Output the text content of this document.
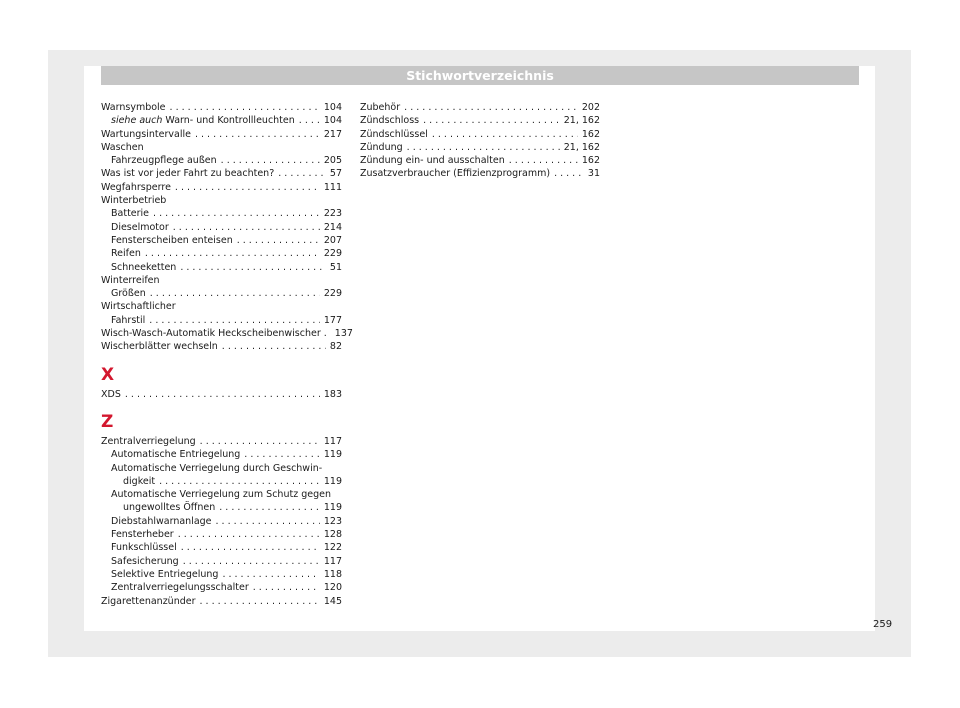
Stichwortverzeichnis
Warnsymbole . . .	104
siehe auch Warn- und Kontrollleuchten . . .	104
Wartungsintervalle . . .	217
Waschen
Fahrzeugpflege außen . . .	205
Was ist vor jeder Fahrt zu beachten? . . .	57
Wegfahrsperre . . .	111
Winterbetrieb
Batterie . . .	223
Dieselmotor . . .	214
Fensterscheiben enteisen . . .	207
Reifen . . .	229
Schneeketten . . .	51
Winterreifen
Größen . . .	229
Wirtschaftlicher
Fahrstil . . .	177
Wisch-Wasch-Automatik Heckscheibenwischer . 137
Wischerblätter wechseln . . .	82
X
XDS . . .	183
Z
Zentralverriegelung . . .	117
Automatische Entriegelung . . .	119
Automatische Verriegelung durch Geschwin-
digkeit . . .	119
Automatische Verriegelung zum Schutz gegen
ungewolltes Öffnen . . .	119
Diebstahlwarnanlage . . .	123
Fensterheber . . .	128
Funkschlüssel . . .	122
Safesicherung . . .	117
Selektive Entriegelung . . .	118
Zentralverriegelungsschalter . . .	120
Zigarettenanzünder . . .	145
Zubehör . . .	202
Zündschloss . . .	21, 162
Zündschlüssel . . .	162
Zündung . . .	21, 162
Zündung ein- und ausschalten . . .	162
Zusatzverbraucher (Effizienzprogramm) . . .	31
259
